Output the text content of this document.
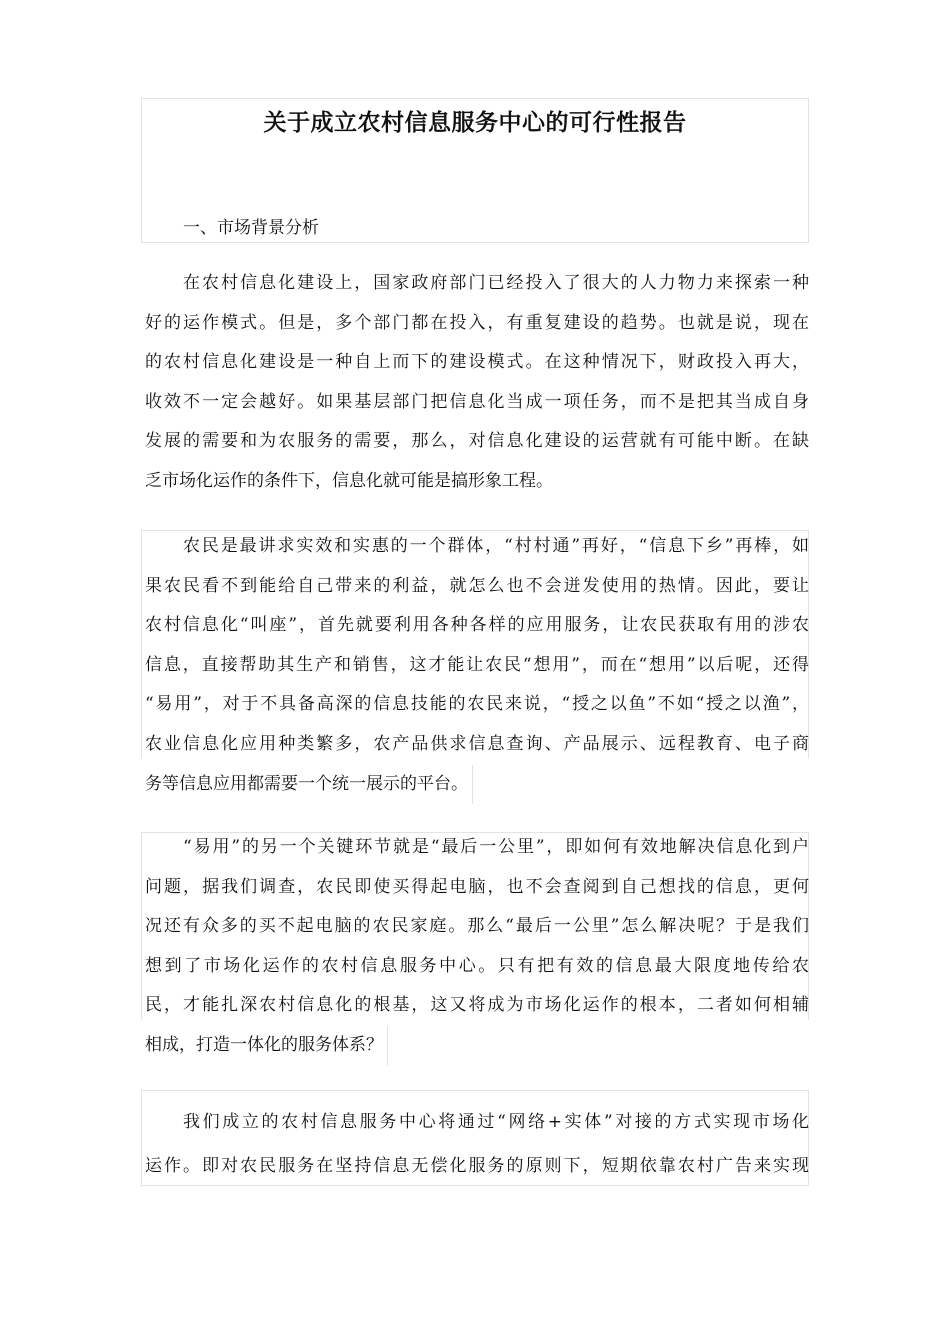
关于成立农村信息服务中心的可行性报告
一、市场背景分析
在农村信息化建设上，国家政府部门已经投入了很大的人力物力来探索一种
好的运作模式。但是，多个部门都在投入，有重复建设的趋势。也就是说，现在
的农村信息化建设是一种自上而下的建设模式。在这种情况下，财政投入再大，
收效不一定会越好。如果基层部门把信息化当成一项任务，而不是把其当成自身
发展的需要和为农服务的需要，那么，对信息化建设的运营就有可能中断。在缺
乏市场化运作的条件下，信息化就可能是搞形象工程。
农民是最讲求实效和实惠的一个群体，“村村通”再好，“信息下乡”再棒，如
果农民看不到能给自己带来的利益，就怎么也不会迸发使用的热情。因此，要让
农村信息化“叫座”，首先就要利用各种各样的应用服务，让农民获取有用的涉农
信息，直接帮助其生产和销售，这才能让农民“想用”，而在“想用”以后呢，还得
“易用”，对于不具备高深的信息技能的农民来说，“授之以鱼”不如“授之以渔”，
农业信息化应用种类繁多，农产品供求信息查询、产品展示、远程教育、电子商
务等信息应用都需要一个统一展示的平台。
“易用”的另一个关键环节就是“最后一公里”，即如何有效地解决信息化到户
问题，据我们调查，农民即使买得起电脑，也不会查阅到自己想找的信息，更何
况还有众多的买不起电脑的农民家庭。那么“最后一公里”怎么解决呢？于是我们
想到了市场化运作的农村信息服务中心。只有把有效的信息最大限度地传给农
民，才能扎深农村信息化的根基，这又将成为市场化运作的根本，二者如何相辅
相成，打造一体化的服务体系？
我们成立的农村信息服务中心将通过“网络+实体”对接的方式实现市场化
运作。即对农民服务在坚持信息无偿化服务的原则下，短期依靠农村广告来实现
